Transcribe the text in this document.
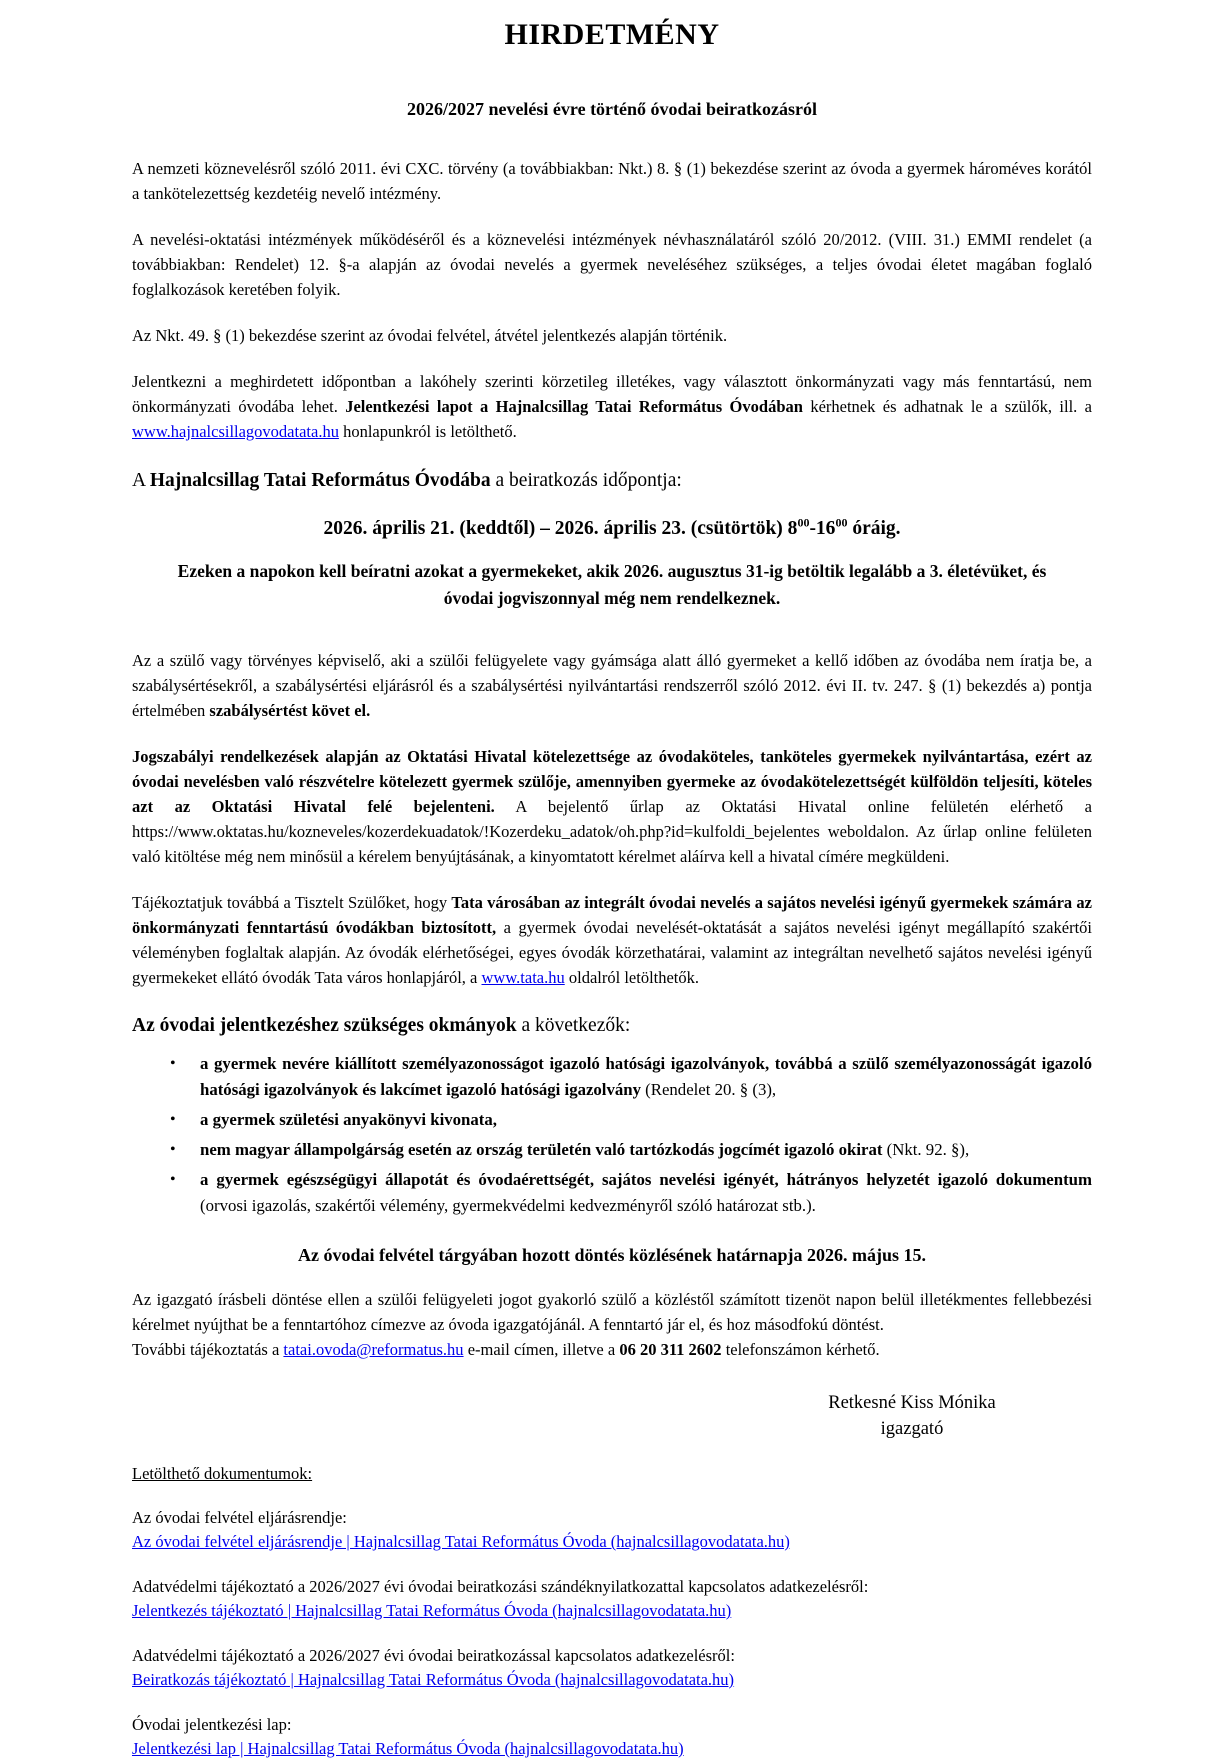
HIRDETMÉNY
2026/2027 nevelési évre történő óvodai beiratkozásról

A nemzeti köznevelésről szóló 2011. évi CXC. törvény (a továbbiakban: Nkt.) 8. § (1) bekezdése szerint az óvoda a gyermek hároméves korától a tankötelezettség kezdetéig nevelő intézmény.

A nevelési-oktatási intézmények működéséről és a köznevelési intézmények névhasználatáról szóló 20/2012. (VIII. 31.) EMMI rendelet (a továbbiakban: Rendelet) 12. §-a alapján az óvodai nevelés a gyermek neveléséhez szükséges, a teljes óvodai életet magában foglaló foglalkozások keretében folyik.

Az Nkt. 49. § (1) bekezdése szerint az óvodai felvétel, átvétel jelentkezés alapján történik.

Jelentkezni a meghirdetett időpontban a lakóhely szerinti körzetileg illetékes, vagy választott önkormányzati vagy más fenntartású, nem önkormányzati óvodába lehet. Jelentkezési lapot a Hajnalcsillag Tatai Református Óvodában kérhetnek és adhatnak le a szülők, ill. a www.hajnalcsillagovodatata.hu honlapunkról is letölthető.

A Hajnalcsillag Tatai Református Óvodába a beiratkozás időpontja:
2026. április 21. (keddtől) – 2026. április 23. (csütörtök) $8^{00}-16^{00}$ óráig.
Ezeken a napokon kell beíratni azokat a gyermekeket, akik 2026. augusztus 31-ig betöltik legalább a 3. életévüket, és óvodai jogviszonnyal még nem rendelkeznek.

Az a szülő vagy törvényes képviselő, aki a szülői felügyelete vagy gyámsága alatt álló gyermeket a kellő időben az óvodába nem íratja be, a szabálysértésekről, a szabálysértési eljárásról és a szabálysértési nyilvántartási rendszerről szóló 2012. évi II. tv. 247. § (1) bekezdés a) pontja értelmében szabálysértést követ el.

Jogszabályi rendelkezések alapján az Oktatási Hivatal kötelezettsége az óvodaköteles, tanköteles gyermekek nyilvántartása, ezért az óvodai nevelésben való részvételre kötelezett gyermek szülője, amennyiben gyermeke az óvodakötelezettségét külföldön teljesíti, köteles azt az Oktatási Hivatal felé bejelenteni. A bejelentő űrlap az Oktatási Hivatal online felületén elérhető a https://www.oktatas.hu/kozneveles/kozerdekuadatok/!Kozerdeku_adatok/oh.php?id=kulfoldi_bejelentes weboldalon. Az űrlap online felületen való kitöltése még nem minősül a kérelem benyújtásának, a kinyomtatott kérelmet aláírva kell a hivatal címére megküldeni.

Tájékoztatjuk továbbá a Tisztelt Szülőket, hogy Tata városában az integrált óvodai nevelés a sajátos nevelési igényű gyermekek számára az önkormányzati fenntartású óvodákban biztosított, a gyermek óvodai nevelését-oktatását a sajátos nevelési igényt megállapító szakértői véleményben foglaltak alapján. Az óvodák elérhetőségei, egyes óvodák körzethatárai, valamint az integráltan nevelhető sajátos nevelési igényű gyermekeket ellátó óvodák Tata város honlapjáról, a www.tata.hu oldalról letölthetők.

Az óvodai jelentkezéshez szükséges okmányok a következők:
• a gyermek nevére kiállított személyazonosságot igazoló hatósági igazolványok, továbbá a szülő személyazonosságát igazoló hatósági igazolványok és lakcímet igazoló hatósági igazolvány (Rendelet 20. § (3),
• a gyermek születési anyakönyvi kivonata,
• nem magyar állampolgárság esetén az ország területén való tartózkodás jogcímét igazoló okirat (Nkt. 92. §),
• a gyermek egészségügyi állapotát és óvodaérettségét, sajátos nevelési igényét, hátrányos helyzetét igazoló dokumentum (orvosi igazolás, szakértői vélemény, gyermekvédelmi kedvezményről szóló határozat stb.).
Az óvodai felvétel tárgyában hozott döntés közlésének határnapja 2026. május 15.

Az igazgató írásbeli döntése ellen a szülői felügyeleti jogot gyakorló szülő a közléstől számított tizenöt napon belül illetékmentes fellebbezési kérelmet nyújthat be a fenntartóhoz címezve az óvoda igazgatójánál. A fenntartó jár el, és hoz másodfokú döntést.
További tájékoztatás a tatai.ovoda@reformatus.hu e-mail címen, illetve a 06 20 311 2602 telefonszámon kérhető.

Retkesné Kiss Mónika
igazgató
Letölthető dokumentumok:
Az óvodai felvétel eljárásrendje:
Az óvodai felvétel eljárásrendje | Hajnalcsillag Tatai Református Óvoda (hajnalcsillagovodatata.hu)
Adatvédelmi tájékoztató a 2026/2027 évi óvodai beiratkozási szándéknyilatkozattal kapcsolatos adatkezelésről:
Jelentkezés tájékoztató | Hajnalcsillag Tatai Református Óvoda (hajnalcsillagovodatata.hu)
Adatvédelmi tájékoztató a 2026/2027 évi óvodai beiratkozással kapcsolatos adatkezelésről:
Beiratkozás tájékoztató | Hajnalcsillag Tatai Református Óvoda (hajnalcsillagovodatata.hu)
Óvodai jelentkezési lap:
Jelentkezési lap | Hajnalcsillag Tatai Református Óvoda (hajnalcsillagovodatata.hu)
